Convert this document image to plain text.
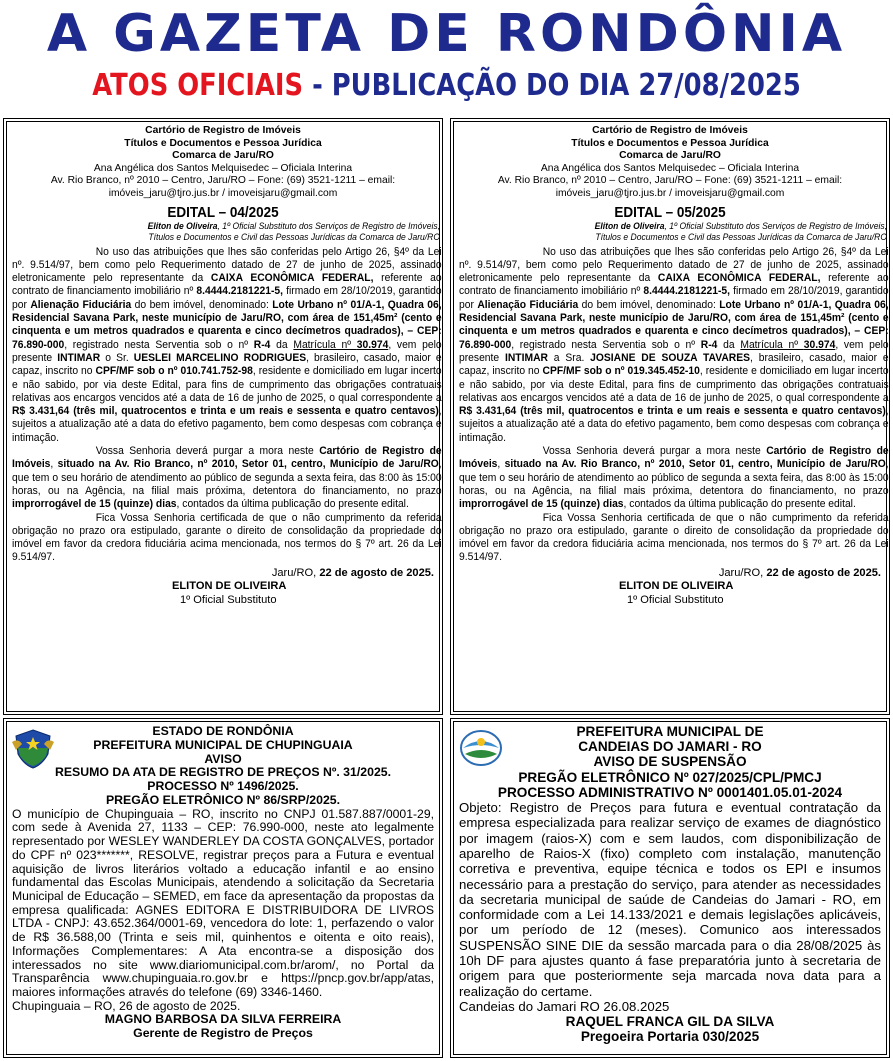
A GAZETA DE RONDÔNIA
ATOS OFICIAIS - PUBLICAÇÃO DO DIA 27/08/2025
Cartório de Registro de Imóveis
Títulos e Documentos e Pessoa Jurídica
Comarca de Jaru/RO
Ana Angélica dos Santos Melquisedec – Oficiala Interina
Av. Rio Branco, nº 2010 – Centro, Jaru/RO – Fone: (69) 3521-1211 – email:
imóveis_jaru@tjro.jus.br / imoveisjaru@gmail.com
EDITAL – 04/2025
Eliton de Oliveira, 1º Oficial Substituto dos Serviços de Registro de Imóveis,
Títulos e Documentos e Civil das Pessoas Jurídicas da Comarca de Jaru/RO

No uso das atribuições que lhes são conferidas pelo Artigo 26, §4º da Lei nº. 9.514/97, bem como pelo Requerimento datado de 27 de junho de 2025, assinado eletronicamente pelo representante da CAIXA ECONÔMICA FEDERAL, referente ao contrato de financiamento imobiliário nº 8.4444.2181221-5, firmado em 28/10/2019, garantido por Alienação Fiduciária do bem imóvel, denominado: Lote Urbano nº 01/A-1, Quadra 06, Residencial Savana Park, neste município de Jaru/RO, com área de 151,45m² (cento e cinquenta e um metros quadrados e quarenta e cinco decímetros quadrados), – CEP: 76.890-000, registrado nesta Serventia sob o nº R-4 da Matrícula nº 30.974, vem pelo presente INTIMAR o Sr. UESLEI MARCELINO RODRIGUES, brasileiro, casado, maior e capaz, inscrito no CPF/MF sob o nº 010.741.752-98, residente e domiciliado em lugar incerto e não sabido, por via deste Edital, para fins de cumprimento das obrigações contratuais relativas aos encargos vencidos até a data de 16 de junho de 2025, o qual correspondente a R$ 3.431,64 (três mil, quatrocentos e trinta e um reais e sessenta e quatro centavos), sujeitos a atualização até a data do efetivo pagamento, bem como despesas com cobrança e intimação.

Vossa Senhoria deverá purgar a mora neste Cartório de Registro de Imóveis, situado na Av. Rio Branco, nº 2010, Setor 01, centro, Município de Jaru/RO, que tem o seu horário de atendimento ao público de segunda a sexta feira, das 8:00 às 15:00 horas, ou na Agência, na filial mais próxima, detentora do financiamento, no prazo improrrogável de 15 (quinze) dias, contados da última publicação do presente edital.

Fica Vossa Senhoria certificada de que o não cumprimento da referida obrigação no prazo ora estipulado, garante o direito de consolidação da propriedade do imóvel em favor da credora fiduciária acima mencionada, nos termos do § 7º art. 26 da Lei 9.514/97.

Jaru/RO, 22 de agosto de 2025.
ELITON DE OLIVEIRA
1º Oficial Substituto
Cartório de Registro de Imóveis
Títulos e Documentos e Pessoa Jurídica
Comarca de Jaru/RO
Ana Angélica dos Santos Melquisedec – Oficiala Interina
Av. Rio Branco, nº 2010 – Centro, Jaru/RO – Fone: (69) 3521-1211 – email:
imóveis_jaru@tjro.jus.br / imoveisjaru@gmail.com
EDITAL – 05/2025
Eliton de Oliveira, 1º Oficial Substituto dos Serviços de Registro de Imóveis,
Títulos e Documentos e Civil das Pessoas Jurídicas da Comarca de Jaru/RO

No uso das atribuições que lhes são conferidas pelo Artigo 26, §4º da Lei nº. 9.514/97, bem como pelo Requerimento datado de 27 de junho de 2025, assinado eletronicamente pelo representante da CAIXA ECONÔMICA FEDERAL, referente ao contrato de financiamento imobiliário nº 8.4444.2181221-5, firmado em 28/10/2019, garantido por Alienação Fiduciária do bem imóvel, denominado: Lote Urbano nº 01/A-1, Quadra 06, Residencial Savana Park, neste município de Jaru/RO, com área de 151,45m² (cento e cinquenta e um metros quadrados e quarenta e cinco decímetros quadrados), – CEP: 76.890-000, registrado nesta Serventia sob o nº R-4 da Matrícula nº 30.974, vem pelo presente INTIMAR a Sra. JOSIANE DE SOUZA TAVARES, brasileiro, casado, maior e capaz, inscrito no CPF/MF sob o nº 019.345.452-10, residente e domiciliado em lugar incerto e não sabido, por via deste Edital, para fins de cumprimento das obrigações contratuais relativas aos encargos vencidos até a data de 16 de junho de 2025, o qual correspondente a R$ 3.431,64 (três mil, quatrocentos e trinta e um reais e sessenta e quatro centavos), sujeitos a atualização até a data do efetivo pagamento, bem como despesas com cobrança e intimação.

Vossa Senhoria deverá purgar a mora neste Cartório de Registro de Imóveis, situado na Av. Rio Branco, nº 2010, Setor 01, centro, Município de Jaru/RO, que tem o seu horário de atendimento ao público de segunda a sexta feira, das 8:00 às 15:00 horas, ou na Agência, na filial mais próxima, detentora do financiamento, no prazo improrrogável de 15 (quinze) dias, contados da última publicação do presente edital.

Fica Vossa Senhoria certificada de que o não cumprimento da referida obrigação no prazo ora estipulado, garante o direito de consolidação da propriedade do imóvel em favor da credora fiduciária acima mencionada, nos termos do § 7º art. 26 da Lei 9.514/97.

Jaru/RO, 22 de agosto de 2025.
ELITON DE OLIVEIRA
1º Oficial Substituto
ESTADO DE RONDÔNIA
PREFEITURA MUNICIPAL DE CHUPINGUAIA
AVISO
RESUMO DA ATA DE REGISTRO DE PREÇOS Nº. 31/2025.
PROCESSO Nº 1496/2025.
PREGÃO ELETRÔNICO Nº 86/SRP/2025.
O município de Chupinguaia – RO, inscrito no CNPJ 01.587.887/0001-29, com sede à Avenida 27, 1133 – CEP: 76.990-000, neste ato legalmente representado por WESLEY WANDERLEY DA COSTA GONÇALVES, portador do CPF nº 023*******, RESOLVE, registrar preços para a Futura e eventual aquisição de livros literários voltado a educação infantil e ao ensino fundamental das Escolas Municipais, atendendo a solicitação da Secretaria Municipal de Educação – SEMED, em face da apresentação da propostas da empresa qualificada: AGNES EDITORA E DISTRIBUIDORA DE LIVROS LTDA - CNPJ: 43.652.364/0001-69, vencedora do lote: 1, perfazendo o valor de R$ 36.588,00 (Trinta e seis mil, quinhentos e oitenta e oito reais), Informações Complementares: A Ata encontra-se a disposição dos interessados no site www.diariomunicipal.com.br/arom/, no Portal da Transparência www.chupinguaia.ro.gov.br e https://pncp.gov.br/app/atas, maiores informações através do telefone (69) 3346-1460.
Chupinguaia – RO, 26 de agosto de 2025.
MAGNO BARBOSA DA SILVA FERREIRA
Gerente de Registro de Preços
PREFEITURA MUNICIPAL DE
CANDEIAS DO JAMARI - RO
AVISO DE SUSPENSÃO
PREGÃO ELETRÔNICO Nº 027/2025/CPL/PMCJ
PROCESSO ADMINISTRATIVO Nº 0001401.05.01-2024
Objeto: Registro de Preços para futura e eventual contratação da empresa especializada para realizar serviço de exames de diagnóstico por imagem (raios-X) com e sem laudos, com disponibilização de aparelho de Raios-X (fixo) completo com instalação, manutenção corretiva e preventiva, equipe técnica e todos os EPI e insumos necessário para a prestação do serviço, para atender as necessidades da secretaria municipal de saúde de Candeias do Jamari - RO, em conformidade com a Lei 14.133/2021 e demais legislações aplicáveis, por um período de 12 (meses). Comunico aos interessados SUSPENSÃO SINE DIE da sessão marcada para o dia 28/08/2025 às 10h DF para ajustes quanto á fase preparatória junto à secretaria de origem para que posteriormente seja marcada nova data para a realização do certame.
Candeias do Jamari RO 26.08.2025
RAQUEL FRANCA GIL DA SILVA
Pregoeira Portaria 030/2025
